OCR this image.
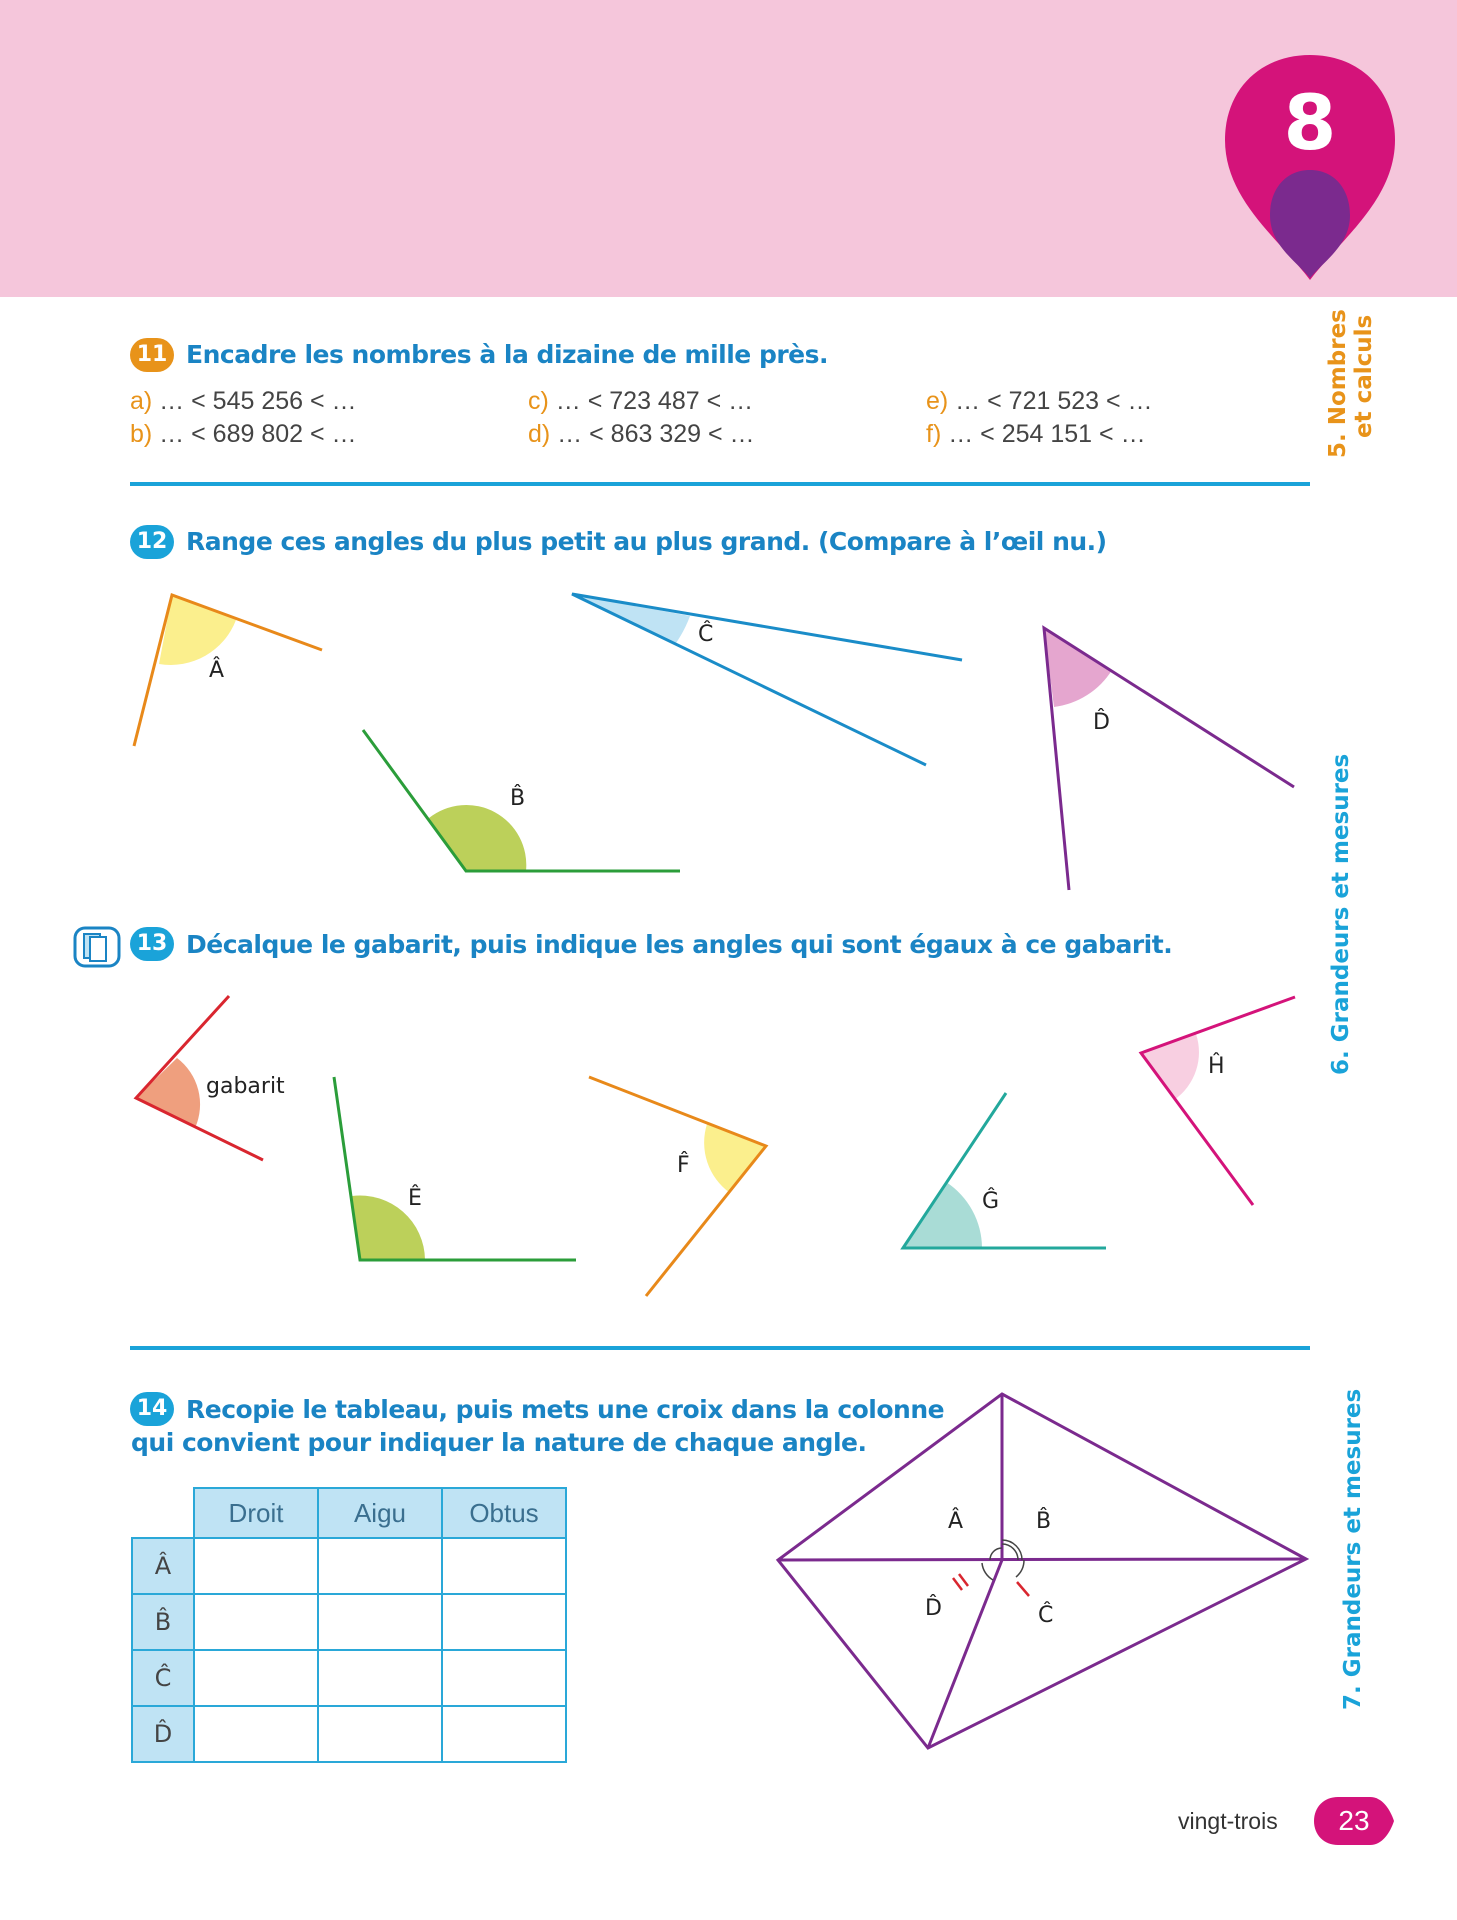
8
5. Nombres et calculs
6. Grandeurs et mesures
7. Grandeurs et mesures
11 Encadre les nombres à la dizaine de mille près.
a) … < 545 256 < …
b) … < 689 802 < …
c) … < 723 487 < …
d) … < 863 329 < …
e) … < 721 523 < …
f) … < 254 151 < …
12 Range ces angles du plus petit au plus grand. (Compare à l’œil nu.)
Â
Ĉ
D̂
B̂
gabarit
Ê
F̂
Ĝ
Ĥ
13 Décalque le gabarit, puis indique les angles qui sont égaux à ce gabarit.
14 Recopie le tableau, puis mets une croix dans la colonne
qui convient pour indiquer la nature de chaque angle.
	Droit	Aigu	Obtus
Â			
B̂			
Ĉ			
D̂			
Â	B̂
Ĉ
D̂
vingt-trois	23
